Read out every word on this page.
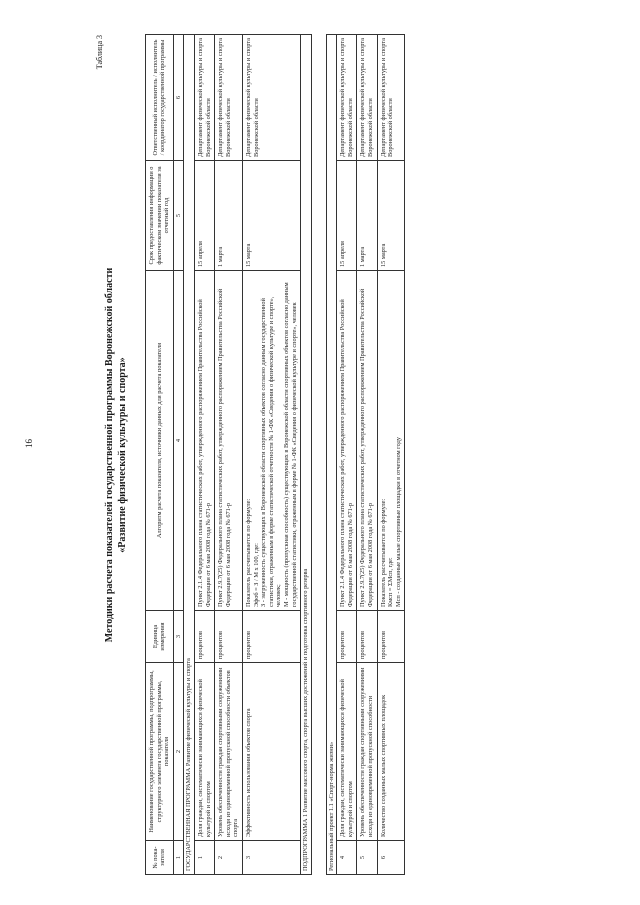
16
Таблица 3
Методики расчета показателей государственной программы Воронежской области «Развитие физической культуры и спорта»
№ пока-зателя	Наименование государственной программы, подпрограммы, структурного элемента государственной программы, показателя	Единица измерения	Алгоритм расчета показателя, источники данных для расчета показателя	Срок предоставления информации о фактическом значении показателя за отчетный год	Ответственный исполнитель / исполнитель / координатор государственной программы
1	2	3	4	5	6
ГОСУДАРСТВЕННАЯ ПРОГРАММА Развитие физической культуры и спорта					
1	Доля граждан, систематически занимающихся физической культурой и спортом	процентов	Пункт 2.1.4 Федерального плана статистических работ, утвержденного распоряжением Правительства Российской Федерации от 6 мая 2008 года № 671-р	15 апреля	Департамент физической культуры и спорта Воронежской области
2	Уровень обеспеченности граждан спортивными сооружениями исходя из единовременной пропускной способности объектов спорта	процентов	Пункт 2.9.7(25) Федерального плана статистических работ, утвержденного распоряжением Правительства Российской Федерации от 6 мая 2008 года № 671-р	1 марта	Департамент физической культуры и спорта Воронежской области
3	Эффективность использования объектов спорта	процентов	Показатель рассчитывается по формуле: Эфоб = З / М х 100, где: З - загруженность существующих в Воронежской области спортивных объектов согласно данным государственной статистики, отраженным в форме статистической отчетности № 1-ФК «Сведения о физической культуре и спорте», человек; М - мощность (пропускная способность) существующих в Воронежской области спортивных объектов согласно данным государственной статистики, отраженным в форме № 1-ФК «Сведения о физической культуре и спорте», человек	15 марта	Департамент физической культуры и спорта Воронежской области
ПОДПРОГРАММА 1 Развитие массового спорта, спорта высших достижений и подготовка спортивного резерва					

Региональный проект 1.1 «Спорт-норма жизни»					
4	Доля граждан, систематически занимающихся физической культурой и спортом	процентов	Пункт 2.1.4 Федерального плана статистических работ, утвержденного распоряжением Правительства Российской Федерации от 6 мая 2008 года № 671-р	15 апреля	Департамент физической культуры и спорта Воронежской области
5	Уровень обеспеченности граждан спортивными сооружениями исходя из единовременной пропускной способности	процентов	Пункт 2.9.7(25) Федерального плана статистических работ, утвержденного распоряжением Правительства Российской Федерации от 6 мая 2008 года № 671-р	1 марта	Департамент физической культуры и спорта Воронежской области
6	Количество созданных малых спортивных площадок	процентов	Показатель рассчитывается по формуле: Кмсп = ΣМсп, где: Мсп - созданные малые спортивные площадки в отчетном году	15 марта	Департамент физической культуры и спорта Воронежской области
